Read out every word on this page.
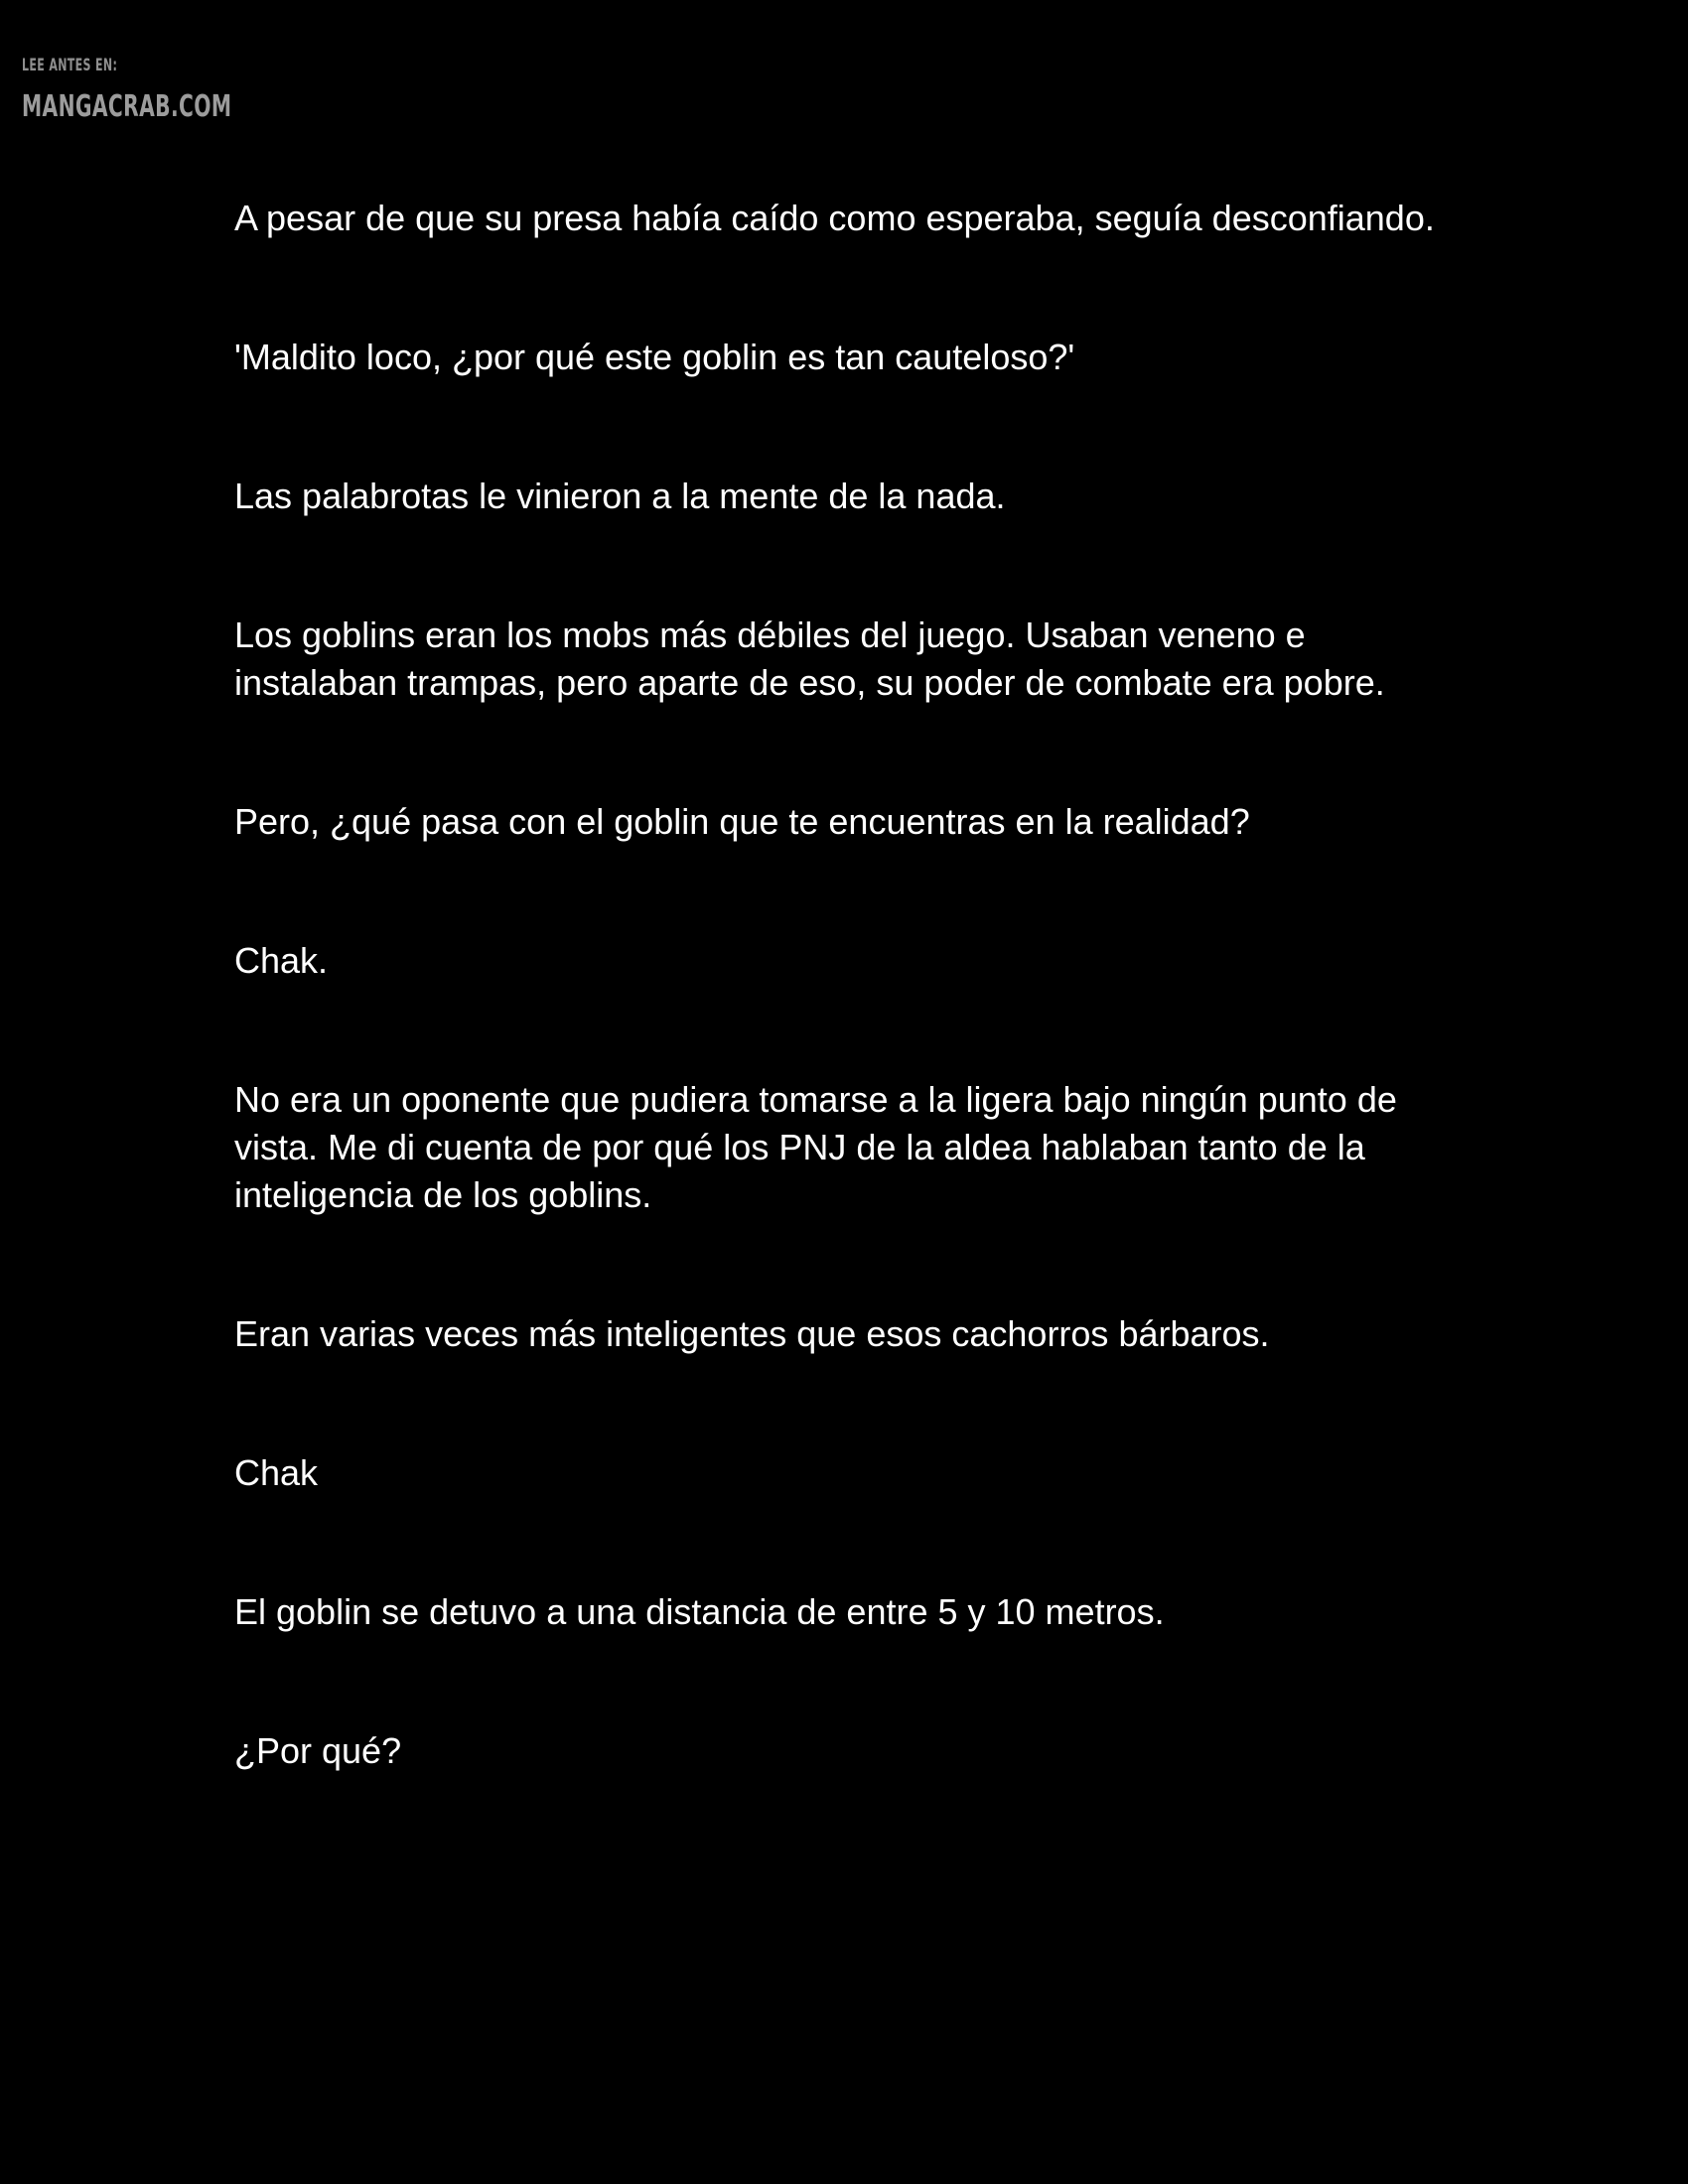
LEE ANTES EN:
MANGACRAB.COM

A pesar de que su presa había caído como esperaba, seguía desconfiando.

'Maldito loco, ¿por qué este goblin es tan cauteloso?'

Las palabrotas le vinieron a la mente de la nada.

Los goblins eran los mobs más débiles del juego. Usaban veneno e instalaban trampas, pero aparte de eso, su poder de combate era pobre.

Pero, ¿qué pasa con el goblin que te encuentras en la realidad?

Chak.

No era un oponente que pudiera tomarse a la ligera bajo ningún punto de vista. Me di cuenta de por qué los PNJ de la aldea hablaban tanto de la inteligencia de los goblins.

Eran varias veces más inteligentes que esos cachorros bárbaros.

Chak

El goblin se detuvo a una distancia de entre 5 y 10 metros.

¿Por qué?
